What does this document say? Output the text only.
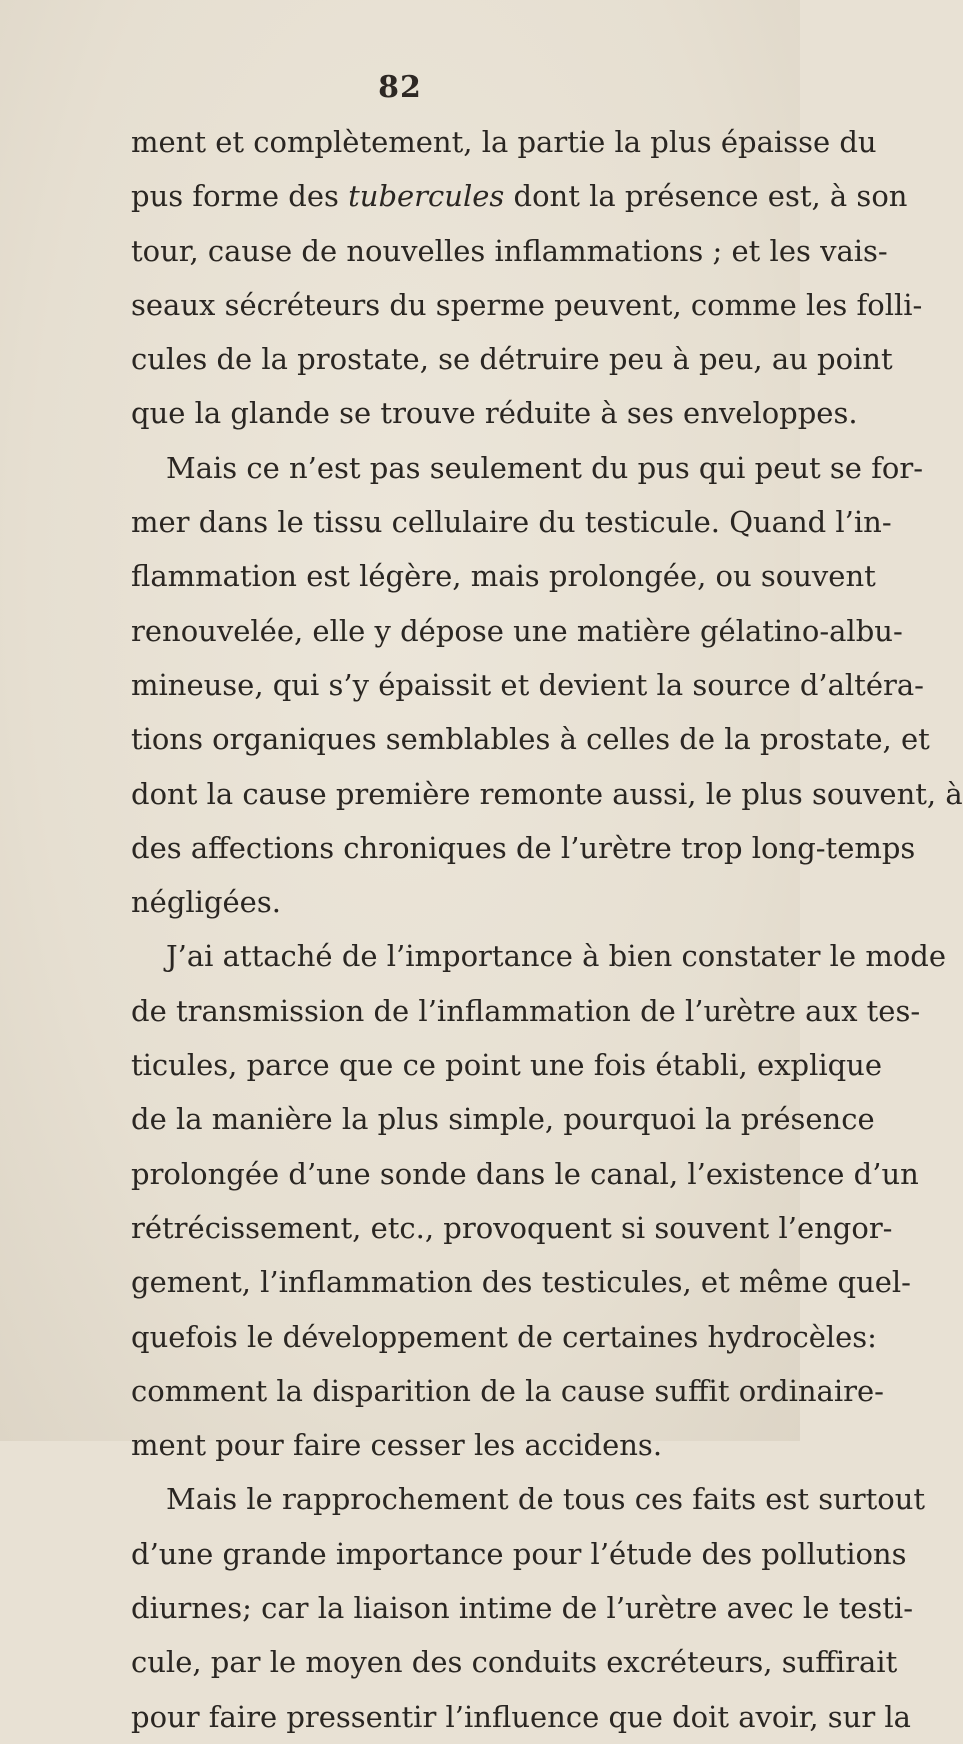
82
ment et complètement, la partie la plus épaisse du
pus forme des tubercules dont la présence est, à son
tour, cause de nouvelles inflammations ; et les vais-
seaux sécréteurs du sperme peuvent, comme les folli-
cules de la prostate, se détruire peu à peu, au point
que la glande se trouve réduite à ses enveloppes.
Mais ce n’est pas seulement du pus qui peut se for-
mer dans le tissu cellulaire du testicule. Quand l’in-
flammation est légère, mais prolongée, ou souvent
renouvelée, elle y dépose une matière gélatino-albu-
mineuse, qui s’y épaissit et devient la source d’altéra-
tions organiques semblables à celles de la prostate, et
dont la cause première remonte aussi, le plus souvent, à
des affections chroniques de l’urètre trop long-temps
négligées.
J’ai attaché de l’importance à bien constater le mode
de transmission de l’inflammation de l’urètre aux tes-
ticules, parce que ce point une fois établi, explique
de la manière la plus simple, pourquoi la présence
prolongée d’une sonde dans le canal, l’existence d’un
rétrécissement, etc., provoquent si souvent l’engor-
gement, l’inflammation des testicules, et même quel-
quefois le développement de certaines hydrocèles:
comment la disparition de la cause suffit ordinaire-
ment pour faire cesser les accidens.
Mais le rapprochement de tous ces faits est surtout
d’une grande importance pour l’étude des pollutions
diurnes; car la liaison intime de l’urètre avec le testi-
cule, par le moyen des conduits excréteurs, suffirait
pour faire pressentir l’influence que doit avoir, sur la
